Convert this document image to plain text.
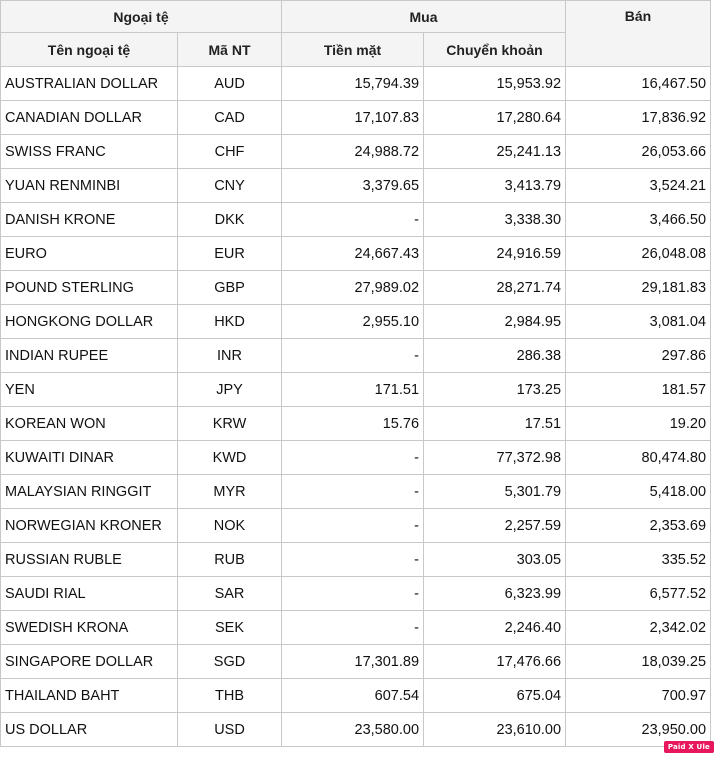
Ngoại tệ		Mua		Bán
Tên ngoại tệ	Mã NT	Tiền mặt	Chuyển khoản	
AUSTRALIAN DOLLAR	AUD	15,794.39	15,953.92	16,467.50
CANADIAN DOLLAR	CAD	17,107.83	17,280.64	17,836.92
SWISS FRANC	CHF	24,988.72	25,241.13	26,053.66
YUAN RENMINBI	CNY	3,379.65	3,413.79	3,524.21
DANISH KRONE	DKK	-	3,338.30	3,466.50
EURO	EUR	24,667.43	24,916.59	26,048.08
POUND STERLING	GBP	27,989.02	28,271.74	29,181.83
HONGKONG DOLLAR	HKD	2,955.10	2,984.95	3,081.04
INDIAN RUPEE	INR	-	286.38	297.86
YEN	JPY	171.51	173.25	181.57
KOREAN WON	KRW	15.76	17.51	19.20
KUWAITI DINAR	KWD	-	77,372.98	80,474.80
MALAYSIAN RINGGIT	MYR	-	5,301.79	5,418.00
NORWEGIAN KRONER	NOK	-	2,257.59	2,353.69
RUSSIAN RUBLE	RUB	-	303.05	335.52
SAUDI RIAL	SAR	-	6,323.99	6,577.52
SWEDISH KRONA	SEK	-	2,246.40	2,342.02
SINGAPORE DOLLAR	SGD	17,301.89	17,476.66	18,039.25
THAILAND BAHT	THB	607.54	675.04	700.97
US DOLLAR	USD	23,580.00	23,610.00	23,950.00
Paid X Ule
